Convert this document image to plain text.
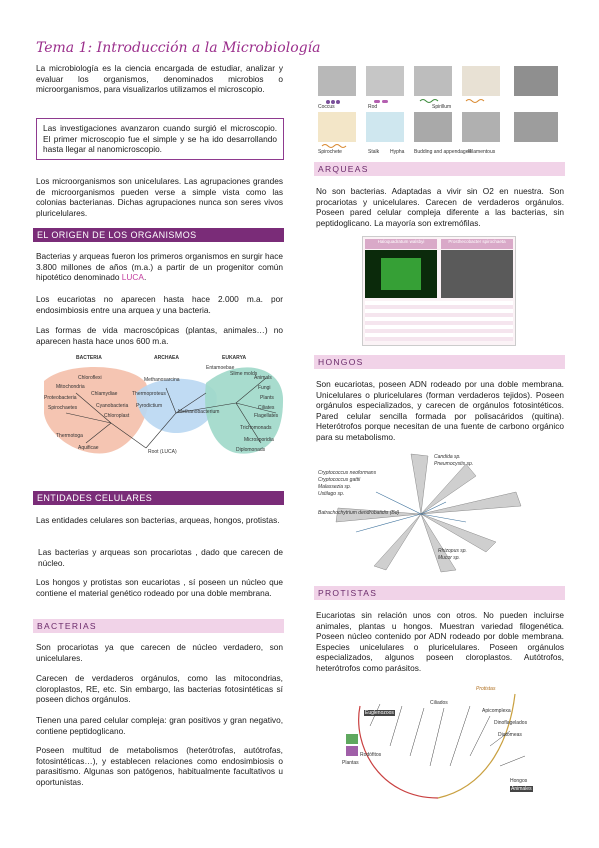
Tema 1: Introducción a la Microbiología
La microbiología es la ciencia encargada de estudiar, analizar y evaluar los organismos, denominados microbios o microorganismos, para visualizarlos utilizamos el microscopio.
Las investigaciones avanzaron cuando surgió el microscopio. El primer microscopio fue el simple y se ha ido desarrollando hasta llegar al nanomicroscopio.
Los microorganismos son unicelulares. Las agrupaciones grandes de microorganismos pueden verse a simple vista como las colonias bacterianas. Dichas agrupaciones nunca son seres vivos pluricelulares.
EL ORIGEN DE LOS ORGANISMOS
Bacterias y arqueas fueron los primeros organismos en surgir hace 3.800 millones de años (m.a.) a partir de un progenitor común hipotético denominado LUCA.
Los eucariotas no aparecen hasta hace 2.000 m.a. por endosimbiosis entre una arquea y una bacteria.
Las formas de vida macroscópicas (plantas, animales…) no aparecen hasta hace unos 600 m.a.
BACTERIA	ARCHAEA	EUKARYA
Chloroflexi
Mitochondria
Proteobacteria
Chlamydiae
Spirochaetes	Cyanobacteria
Chloroplast
Thermotoga
Aquificae
Methanosarcina
Thermoproteus
Pyrodictium
Methanobacterium
Entamoebae
Slime molds
Animals
Fungi
Plants
Ciliates
Flagellates
Trichomonads
Microsporidia
Diplomonads
Root (LUCA)
ENTIDADES CELULARES
Las entidades celulares son bacterias, arqueas, hongos, protistas.
Las bacterias y arqueas son procariotas , dado que carecen de núcleo.
Los hongos y protistas son eucariotas , sí poseen un núcleo que contiene el material genético rodeado por una doble membrana.
BACTERIAS
Son procariotas ya que carecen de núcleo verdadero, son unicelulares.
Carecen de verdaderos orgánulos, como las mitocondrias, cloroplastos, RE, etc. Sin embargo, las bacterias fotosintéticas sí poseen dichos orgánulos.
Tienen una pared celular compleja: gran positivos y gran negativo, contiene peptidoglicano.
Poseen multitud de metabolismos (heterótrofas, autótrofas, fotosintéticas…), y establecen relaciones como endosimbiosis o parasitismo. Algunas son patógenos, habitualmente facultativos u oportunistas.
Coccus	Rod	Spirillum
Spirochete	Stalk Hypha Budding and appendaged
Filamentous
ARQUEAS
No son bacterias. Adaptadas a vivir sin O2 en nuestra. Son procariotas y unicelulares. Carecen de verdaderos orgánulos. Poseen pared celular compleja diferente a las bacterias, sin peptidoglicano. La mayoría son extremófilas.
Haloquadratum walsbyi	Prosthecobacter spirochaeta
HONGOS
Son eucariotas, poseen ADN rodeado por una doble membrana. Unicelulares o pluricelulares (forman verdaderos tejidos). Poseen orgánulos especializados, y carecen de orgánulos fotosintéticos. Pared celular sencilla formada por polisacáridos (quitina). Heterótrofos porque necesitan de una fuente de carbono orgánico para su metabolismo.
Cryptococcus neoformans
Cryptococcus gattii
Malassezia sp.
Ustilago sp.
Candida sp.
Pneumocystis sp.
Batrachochytrium dendrobatidis (Bd)
Rhizopus sp.
Mucor sp.
PROTISTAS
Eucariotas sin relación unos con otros. No pueden incluirse animales, plantas u hongos. Muestran variedad filogenética. Poseen núcleo contenido por ADN rodeado por doble membrana. Especies unicelulares o pluricelulares. Poseen orgánulos especializados, algunos poseen cloroplastos. Autótrofos, heterótrofos como parásitos.
Protistas
Euglenozoos
Ciliados
Apicomplexa
Dinoflagelados
Diatomeas
Rodófitos
Plantas
Hongos
Animales
